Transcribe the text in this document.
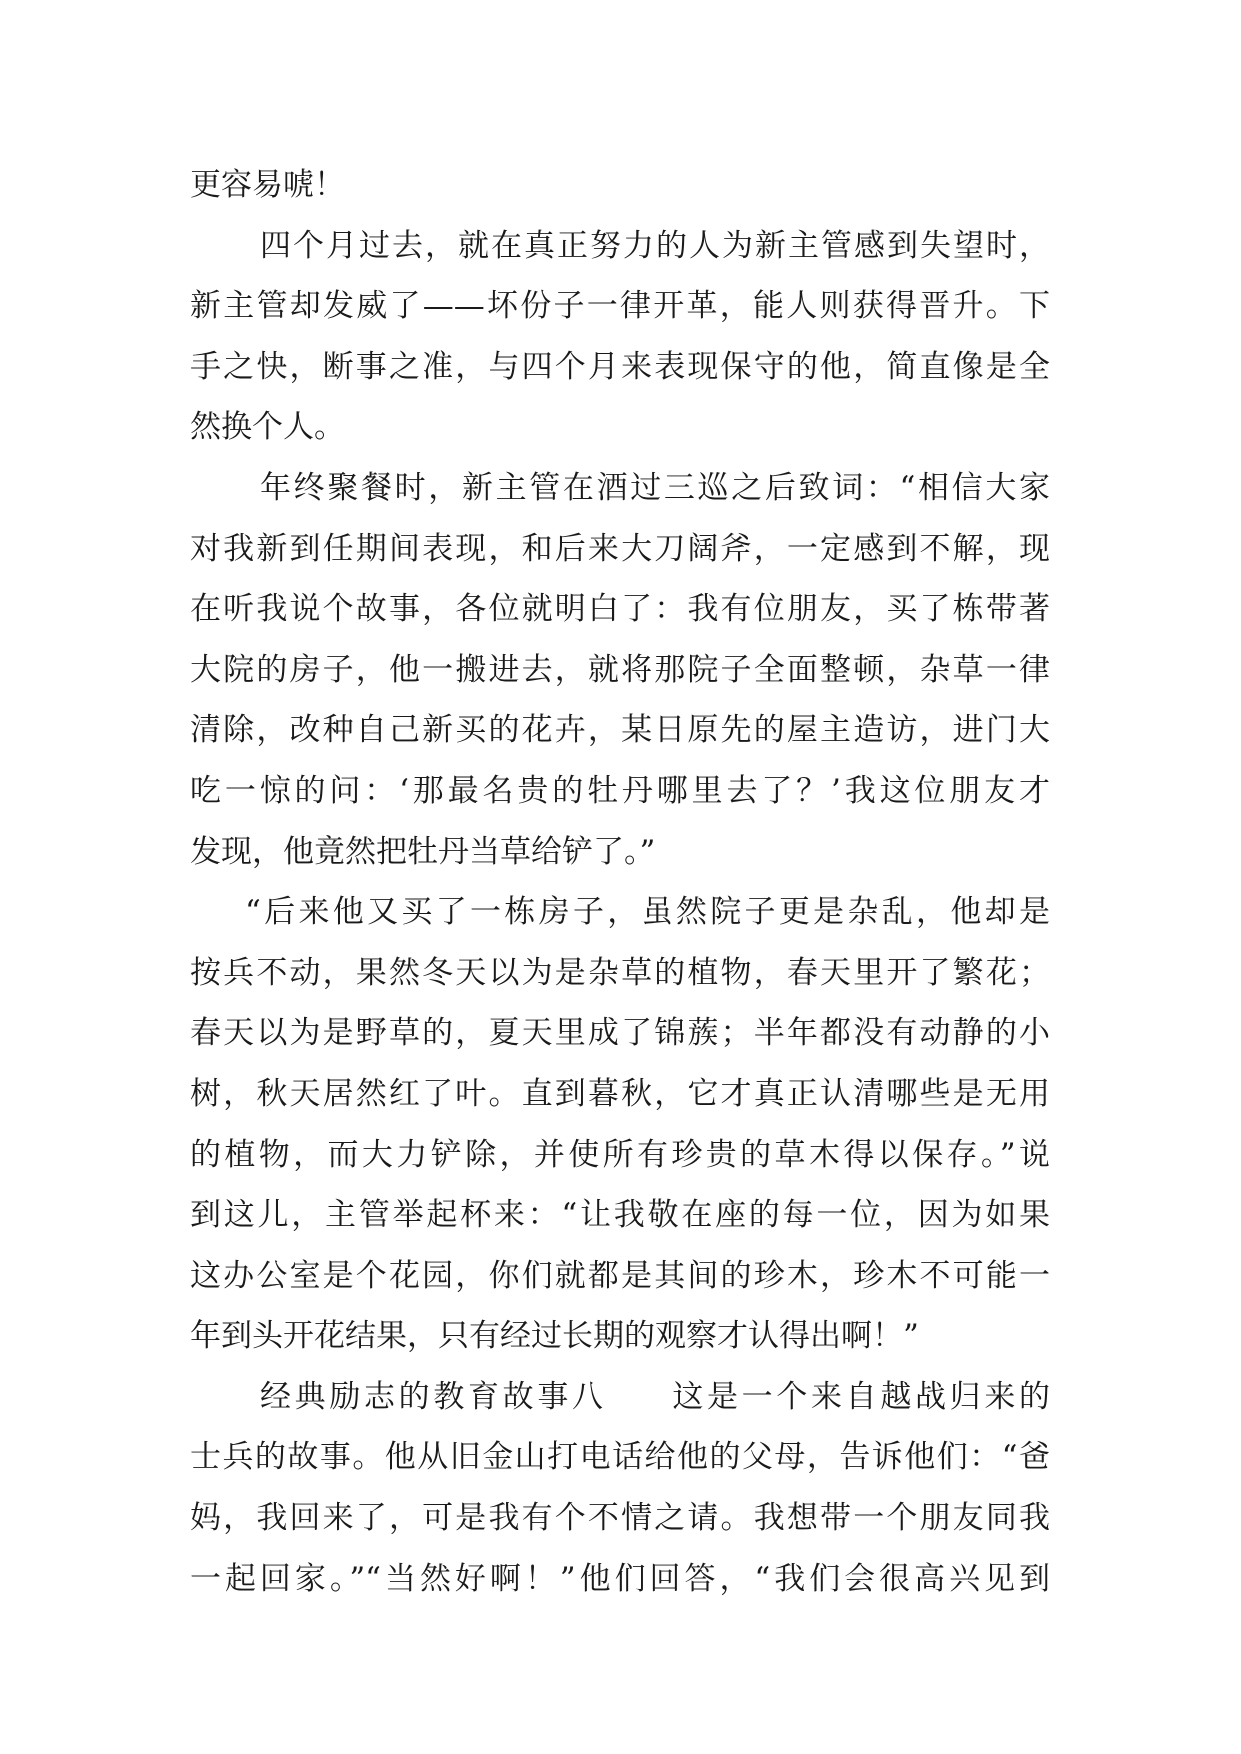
更容易唬！
四个月过去，就在真正努力的人为新主管感到失望时，
新主管却发威了——坏份子一律开革，能人则获得晋升。下
手之快，断事之准，与四个月来表现保守的他，简直像是全
然换个人。
年终聚餐时，新主管在酒过三巡之后致词：“相信大家
对我新到任期间表现，和后来大刀阔斧，一定感到不解，现
在听我说个故事，各位就明白了：我有位朋友，买了栋带著
大院的房子，他一搬进去，就将那院子全面整顿，杂草一律
清除，改种自己新买的花卉，某日原先的屋主造访，进门大
吃一惊的问：‘那最名贵的牡丹哪里去了？’我这位朋友才
发现，他竟然把牡丹当草给铲了。”
“后来他又买了一栋房子，虽然院子更是杂乱，他却是
按兵不动，果然冬天以为是杂草的植物，春天里开了繁花；
春天以为是野草的，夏天里成了锦蔟；半年都没有动静的小
树，秋天居然红了叶。直到暮秋，它才真正认清哪些是无用
的植物，而大力铲除，并使所有珍贵的草木得以保存。”说
到这儿，主管举起杯来：“让我敬在座的每一位，因为如果
这办公室是个花园，你们就都是其间的珍木，珍木不可能一
年到头开花结果，只有经过长期的观察才认得出啊！”
经典励志的教育故事八 这是一个来自越战归来的
士兵的故事。他从旧金山打电话给他的父母，告诉他们：“爸
妈，我回来了，可是我有个不情之请。我想带一个朋友同我
一起回家。”“当然好啊！”他们回答，“我们会很高兴见到
